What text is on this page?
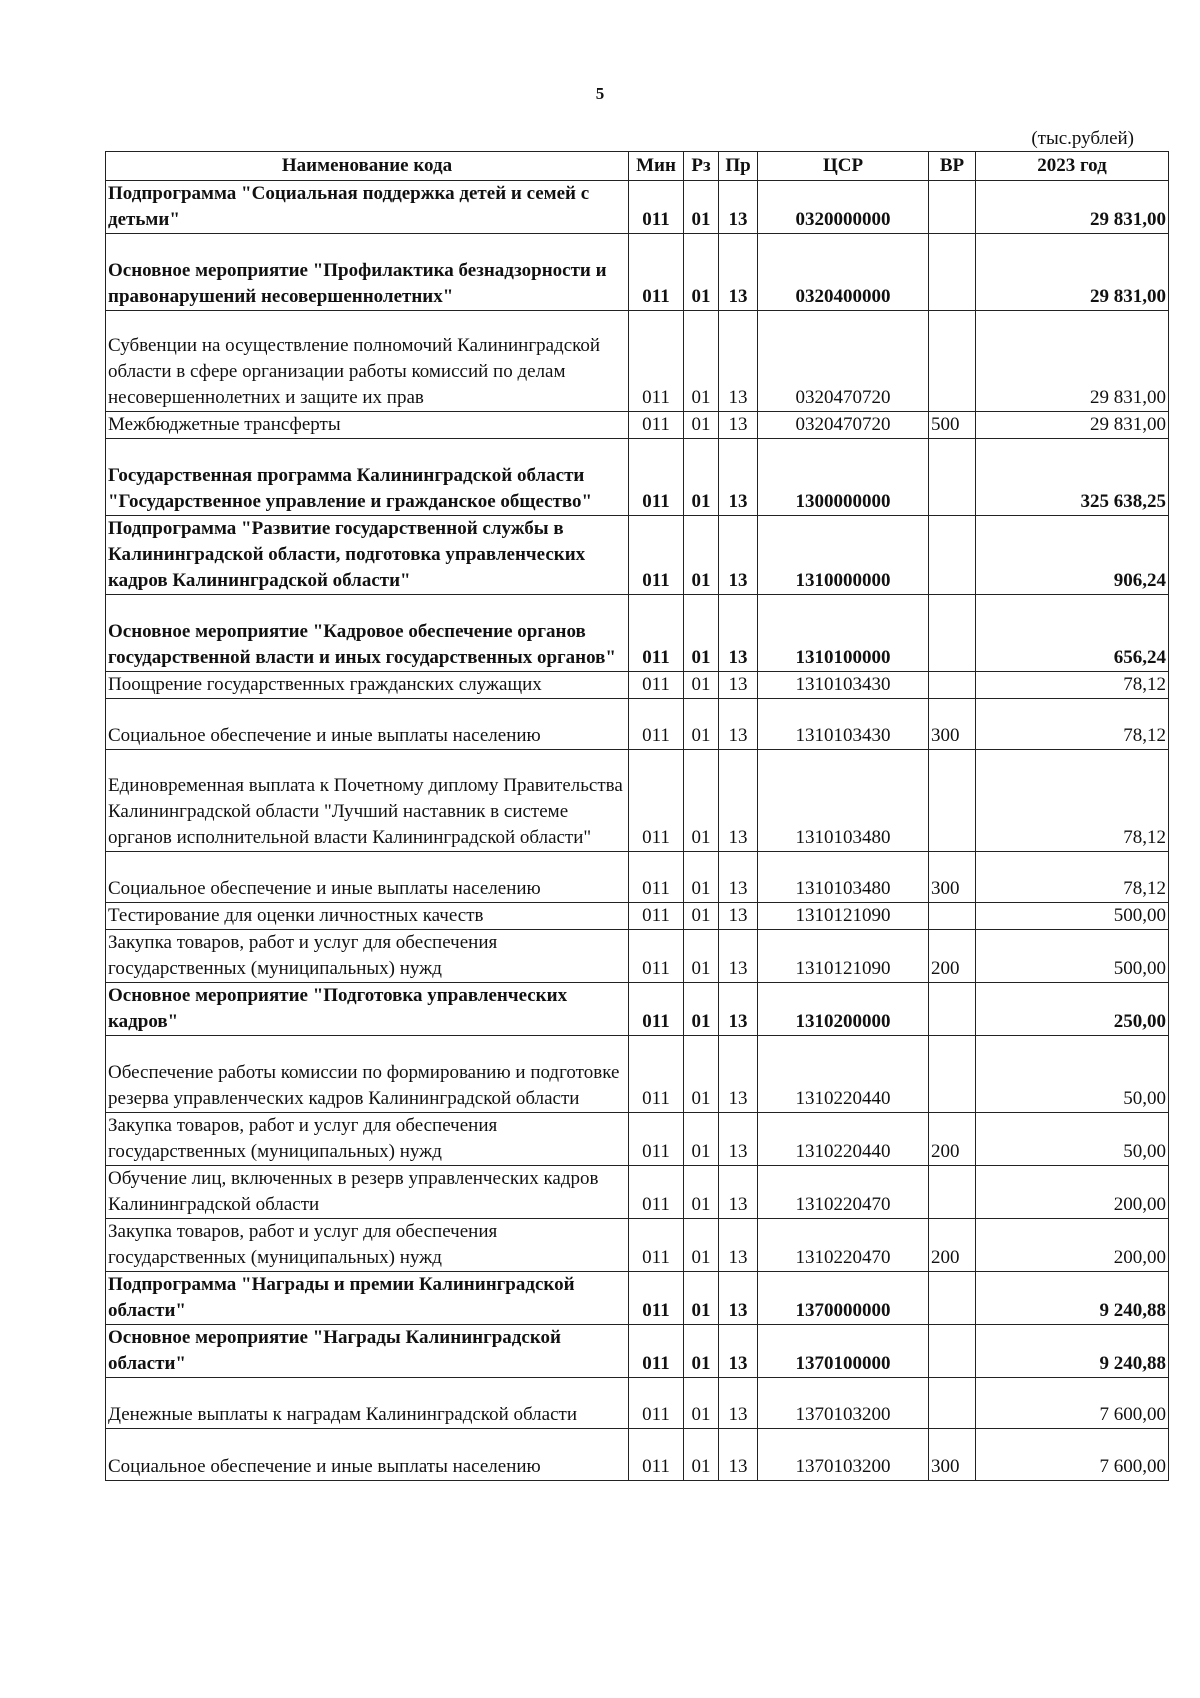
5
(тыс.рублей)
Наименование кода	Мин	Рз	Пр	ЦСР	ВР	2023 год
Подпрограмма "Социальная поддержка детей и семей с детьми"	011	01	13	0320000000		29 831,00
Основное мероприятие "Профилактика безнадзорности и правонарушений несовершеннолетних"	011	01	13	0320400000		29 831,00
Субвенции на осуществление полномочий Калининградской области в сфере организации работы комиссий по делам несовершеннолетних и защите их прав	011	01	13	0320470720		29 831,00
Межбюджетные трансферты	011	01	13	0320470720	500	29 831,00
Государственная программа Калининградской области "Государственное управление и гражданское общество"	011	01	13	1300000000		325 638,25
Подпрограмма "Развитие государственной службы в Калининградской области, подготовка управленческих кадров Калининградской области"	011	01	13	1310000000		906,24
Основное мероприятие "Кадровое обеспечение органов государственной власти и иных государственных органов"	011	01	13	1310100000		656,24
Поощрение государственных гражданских служащих	011	01	13	1310103430		78,12
Социальное обеспечение и иные выплаты населению	011	01	13	1310103430	300	78,12
Единовременная выплата к Почетному диплому Правительства Калининградской области "Лучший наставник в системе органов исполнительной власти Калининградской области"	011	01	13	1310103480		78,12
Социальное обеспечение и иные выплаты населению	011	01	13	1310103480	300	78,12
Тестирование для оценки личностных качеств	011	01	13	1310121090		500,00
Закупка товаров, работ и услуг для обеспечения государственных (муниципальных) нужд	011	01	13	1310121090	200	500,00
Основное мероприятие "Подготовка управленческих кадров"	011	01	13	1310200000		250,00
Обеспечение работы комиссии по формированию и подготовке резерва управленческих кадров Калининградской области	011	01	13	1310220440		50,00
Закупка товаров, работ и услуг для обеспечения государственных (муниципальных) нужд	011	01	13	1310220440	200	50,00
Обучение лиц, включенных в резерв управленческих кадров Калининградской области	011	01	13	1310220470		200,00
Закупка товаров, работ и услуг для обеспечения государственных (муниципальных) нужд	011	01	13	1310220470	200	200,00
Подпрограмма "Награды и премии Калининградской области"	011	01	13	1370000000		9 240,88
Основное мероприятие "Награды Калининградской области"	011	01	13	1370100000		9 240,88
Денежные выплаты к наградам Калининградской области	011	01	13	1370103200		7 600,00
Социальное обеспечение и иные выплаты населению	011	01	13	1370103200	300	7 600,00
